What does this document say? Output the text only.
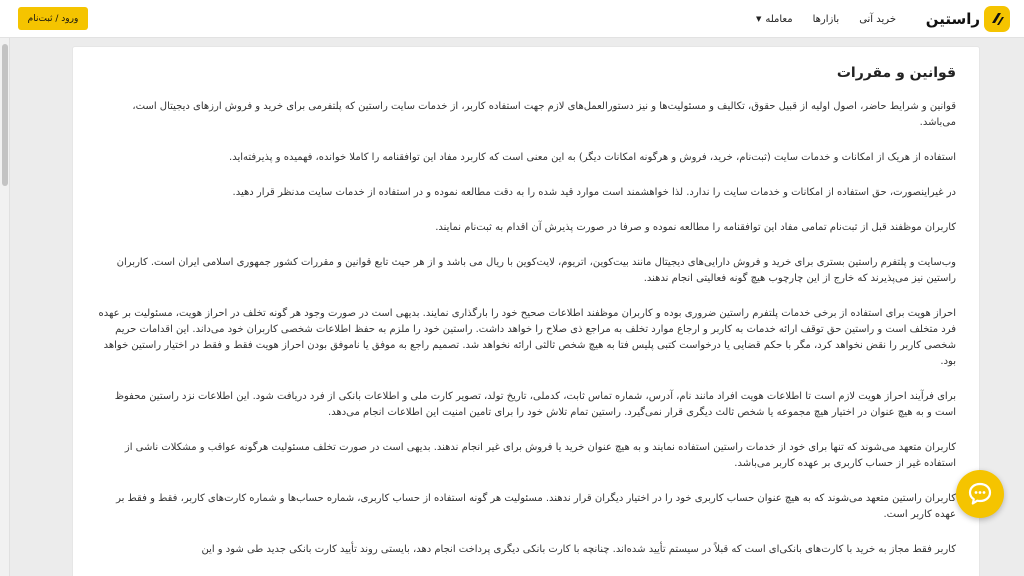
راستین
خرید آنی
بازارها
معامله
▼
ورود / ثبت‌نام
قوانین و مقررات

قوانین و شرایط حاضر، اصول اولیه از قبیل حقوق، تکالیف و مسئولیت‌ها و نیز دستورالعمل‌های لازم جهت استفاده کاربر، از خدمات سایت راستین که پلتفرمی برای خرید و فروش ارزهای دیجیتال است، می‌باشد.

استفاده از هریک از امکانات و خدمات سایت (ثبت‌نام، خرید، فروش و هرگونه امکانات دیگر) به این معنی است که کاربرد مفاد این توافقنامه را کاملا خوانده، فهمیده و پذیرفته‌اید.

در غیراینصورت، حق استفاده از امکانات و خدمات سایت را ندارد. لذا خواهشمند است موارد قید شده را به دقت مطالعه نموده و در استفاده از خدمات سایت مدنظر قرار دهید.

کاربران موظفند قبل از ثبت‌نام تمامی مفاد این توافقنامه را مطالعه نموده و صرفا در صورت پذیرش آن اقدام به ثبت‌نام نمایند.

وب‌سایت و پلتفرم راستین بستری برای خرید و فروش دارایی‌های دیجیتال مانند بیت‌کوین، اتریوم، لایت‌کوین با ریال می باشد و از هر حیث تابع قوانین و مقررات کشور جمهوری اسلامی ایران است. کاربران راستین نیز می‌پذیرند که خارج از این چارچوب هیچ گونه فعالیتی انجام ندهند.

احراز هویت برای استفاده از برخی خدمات پلتفرم راستین ضروری بوده و کاربران موظفند اطلاعات صحیح خود را بارگذاری نمایند. بدیهی است در صورت وجود هر گونه تخلف در احراز هویت، مسئولیت بر عهده فرد متخلف است و راستین حق توقف ارائه خدمات به کاربر و ارجاع موارد تخلف به مراجع ذی صلاح را خواهد داشت. راستین خود را ملزم به حفظ اطلاعات شخصی کاربران خود می‌داند. این اقدامات حریم شخصی کاربر را نقض نخواهد کرد، مگر با حکم قضایی یا درخواست کتبی پلیس فتا به هیچ شخص ثالثی ارائه نخواهد شد. تصمیم راجع به موفق یا ناموفق بودن احراز هویت فقط و فقط در اختیار راستین خواهد بود.

برای فرآیند احراز هویت لازم است تا اطلاعات هویت افراد مانند نام، آدرس، شماره تماس ثابت، کدملی، تاریخ تولد، تصویر کارت ملی و اطلاعات بانکی از فرد دریافت شود. این اطلاعات نزد راستین محفوظ است و به هیچ عنوان در اختیار هیچ مجموعه یا شخص ثالث دیگری قرار نمی‌گیرد. راستین تمام تلاش خود را برای تامین امنیت این اطلاعات انجام می‌دهد.

کاربران متعهد می‌شوند که تنها برای خود از خدمات راستین استفاده نمایند و به هیچ عنوان خرید یا فروش برای غیر انجام ندهند. بدیهی است در صورت تخلف مسئولیت هرگونه عواقب و مشکلات ناشی از استفاده غیر از حساب کاربری بر عهده کاربر می‌باشد.

کاربران راستین متعهد می‌شوند که به هیچ عنوان حساب کاربری خود را در اختیار دیگران قرار ندهند. مسئولیت هر گونه استفاده از حساب کاربری، شماره حساب‌ها و شماره کارت‌های کاربر، فقط و فقط بر عهده کاربر است.

کاربر فقط مجاز به خرید با کارت‌های بانکی‌ای است که قبلاً در سیستم تأیید شده‌اند. چنانچه با کارت بانکی دیگری پرداخت انجام دهد، بایستی روند تأیید کارت بانکی جدید طی شود و این
